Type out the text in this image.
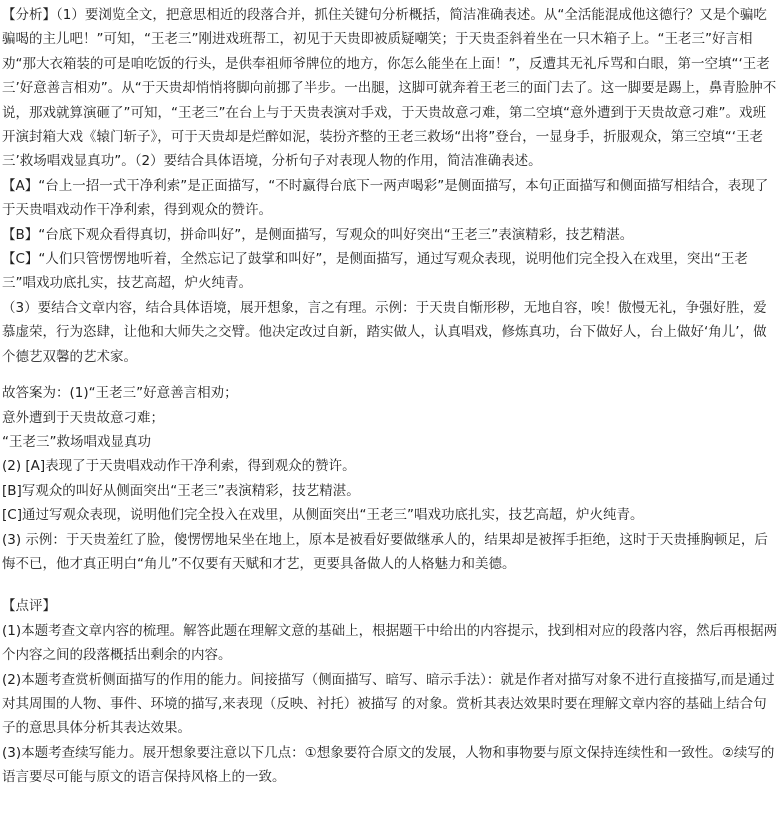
【分析】（1）要浏览全文，把意思相近的段落合并，抓住关键句分析概括，简洁准确表述。从“全活能混成他这德行？又是个骗吃骗喝的主儿吧！”可知，“王老三”刚进戏班帮工，初见于天贵即被质疑嘲笑；于天贵歪斜着坐在一只木箱子上。“王老三”好言相劝“那大衣箱装的可是咱吃饭的行头，是供奉祖师爷牌位的地方，你怎么能坐在上面！”，反遭其无礼斥骂和白眼，第一空填“‘王老三’好意善言相劝”。从“于天贵却悄悄将脚向前挪了半步。一出腿，这脚可就奔着王老三的面门去了。这一脚要是踢上，鼻青脸肿不说，那戏就算演砸了”可知，“王老三”在台上与于天贵表演对手戏，于天贵故意刁难，第二空填“意外遭到于天贵故意刁难”。戏班开演封箱大戏《辕门斩子》，可于天贵却是烂醉如泥，装扮齐整的王老三救场“出将”登台，一显身手，折服观众，第三空填“‘王老三’救场唱戏显真功”。（2）要结合具体语境，分析句子对表现人物的作用，简洁准确表述。

【A】“台上一招一式干净利索”是正面描写，“不时赢得台底下一两声喝彩”是侧面描写，本句正面描写和侧面描写相结合，表现了于天贵唱戏动作干净利索，得到观众的赞许。

【B】“台底下观众看得真切，拼命叫好”，是侧面描写，写观众的叫好突出“王老三”表演精彩，技艺精湛。

【C】“人们只管愣愣地听着，全然忘记了鼓掌和叫好”，是侧面描写，通过写观众表现，说明他们完全投入在戏里，突出“王老三”唱戏功底扎实，技艺高超，炉火纯青。

（3）要结合文章内容，结合具体语境，展开想象，言之有理。示例：于天贵自惭形秽，无地自容，唉！傲慢无礼，争强好胜，爱慕虚荣，行为恣肆，让他和大师失之交臂。他决定改过自新，踏实做人，认真唱戏，修炼真功，台下做好人，台上做好‘角儿’，做个德艺双馨的艺术家。

故答案为：(1)“王老三”好意善言相劝；

意外遭到于天贵故意刁难；

“王老三”救场唱戏显真功

(2) [A]表现了于天贵唱戏动作干净利索，得到观众的赞许。

[B]写观众的叫好从侧面突出“王老三”表演精彩，技艺精湛。

[C]通过写观众表现，说明他们完全投入在戏里，从侧面突出“王老三”唱戏功底扎实，技艺高超，炉火纯青。

(3) 示例：于天贵羞红了脸，傻愣愣地呆坐在地上，原本是被看好要做继承人的，结果却是被挥手拒绝，这时于天贵捶胸顿足，后悔不已，他才真正明白“角儿”不仅要有天赋和才艺，更要具备做人的人格魅力和美德。

【点评】

(1)本题考查文章内容的梳理。解答此题在理解文意的基础上，根据题干中给出的内容提示，找到相对应的段落内容，然后再根据两个内容之间的段落概括出剩余的内容。

(2)本题考查赏析侧面描写的作用的能力。间接描写（侧面描写、暗写、暗示手法）：就是作者对描写对象不进行直接描写,而是通过对其周围的人物、事件、环境的描写,来表现（反映、衬托）被描写 的对象。赏析其表达效果时要在理解文章内容的基础上结合句子的意思具体分析其表达效果。

(3)本题考查续写能力。展开想象要注意以下几点：①想象要符合原文的发展，人物和事物要与原文保持连续性和一致性。②续写的语言要尽可能与原文的语言保持风格上的一致。
